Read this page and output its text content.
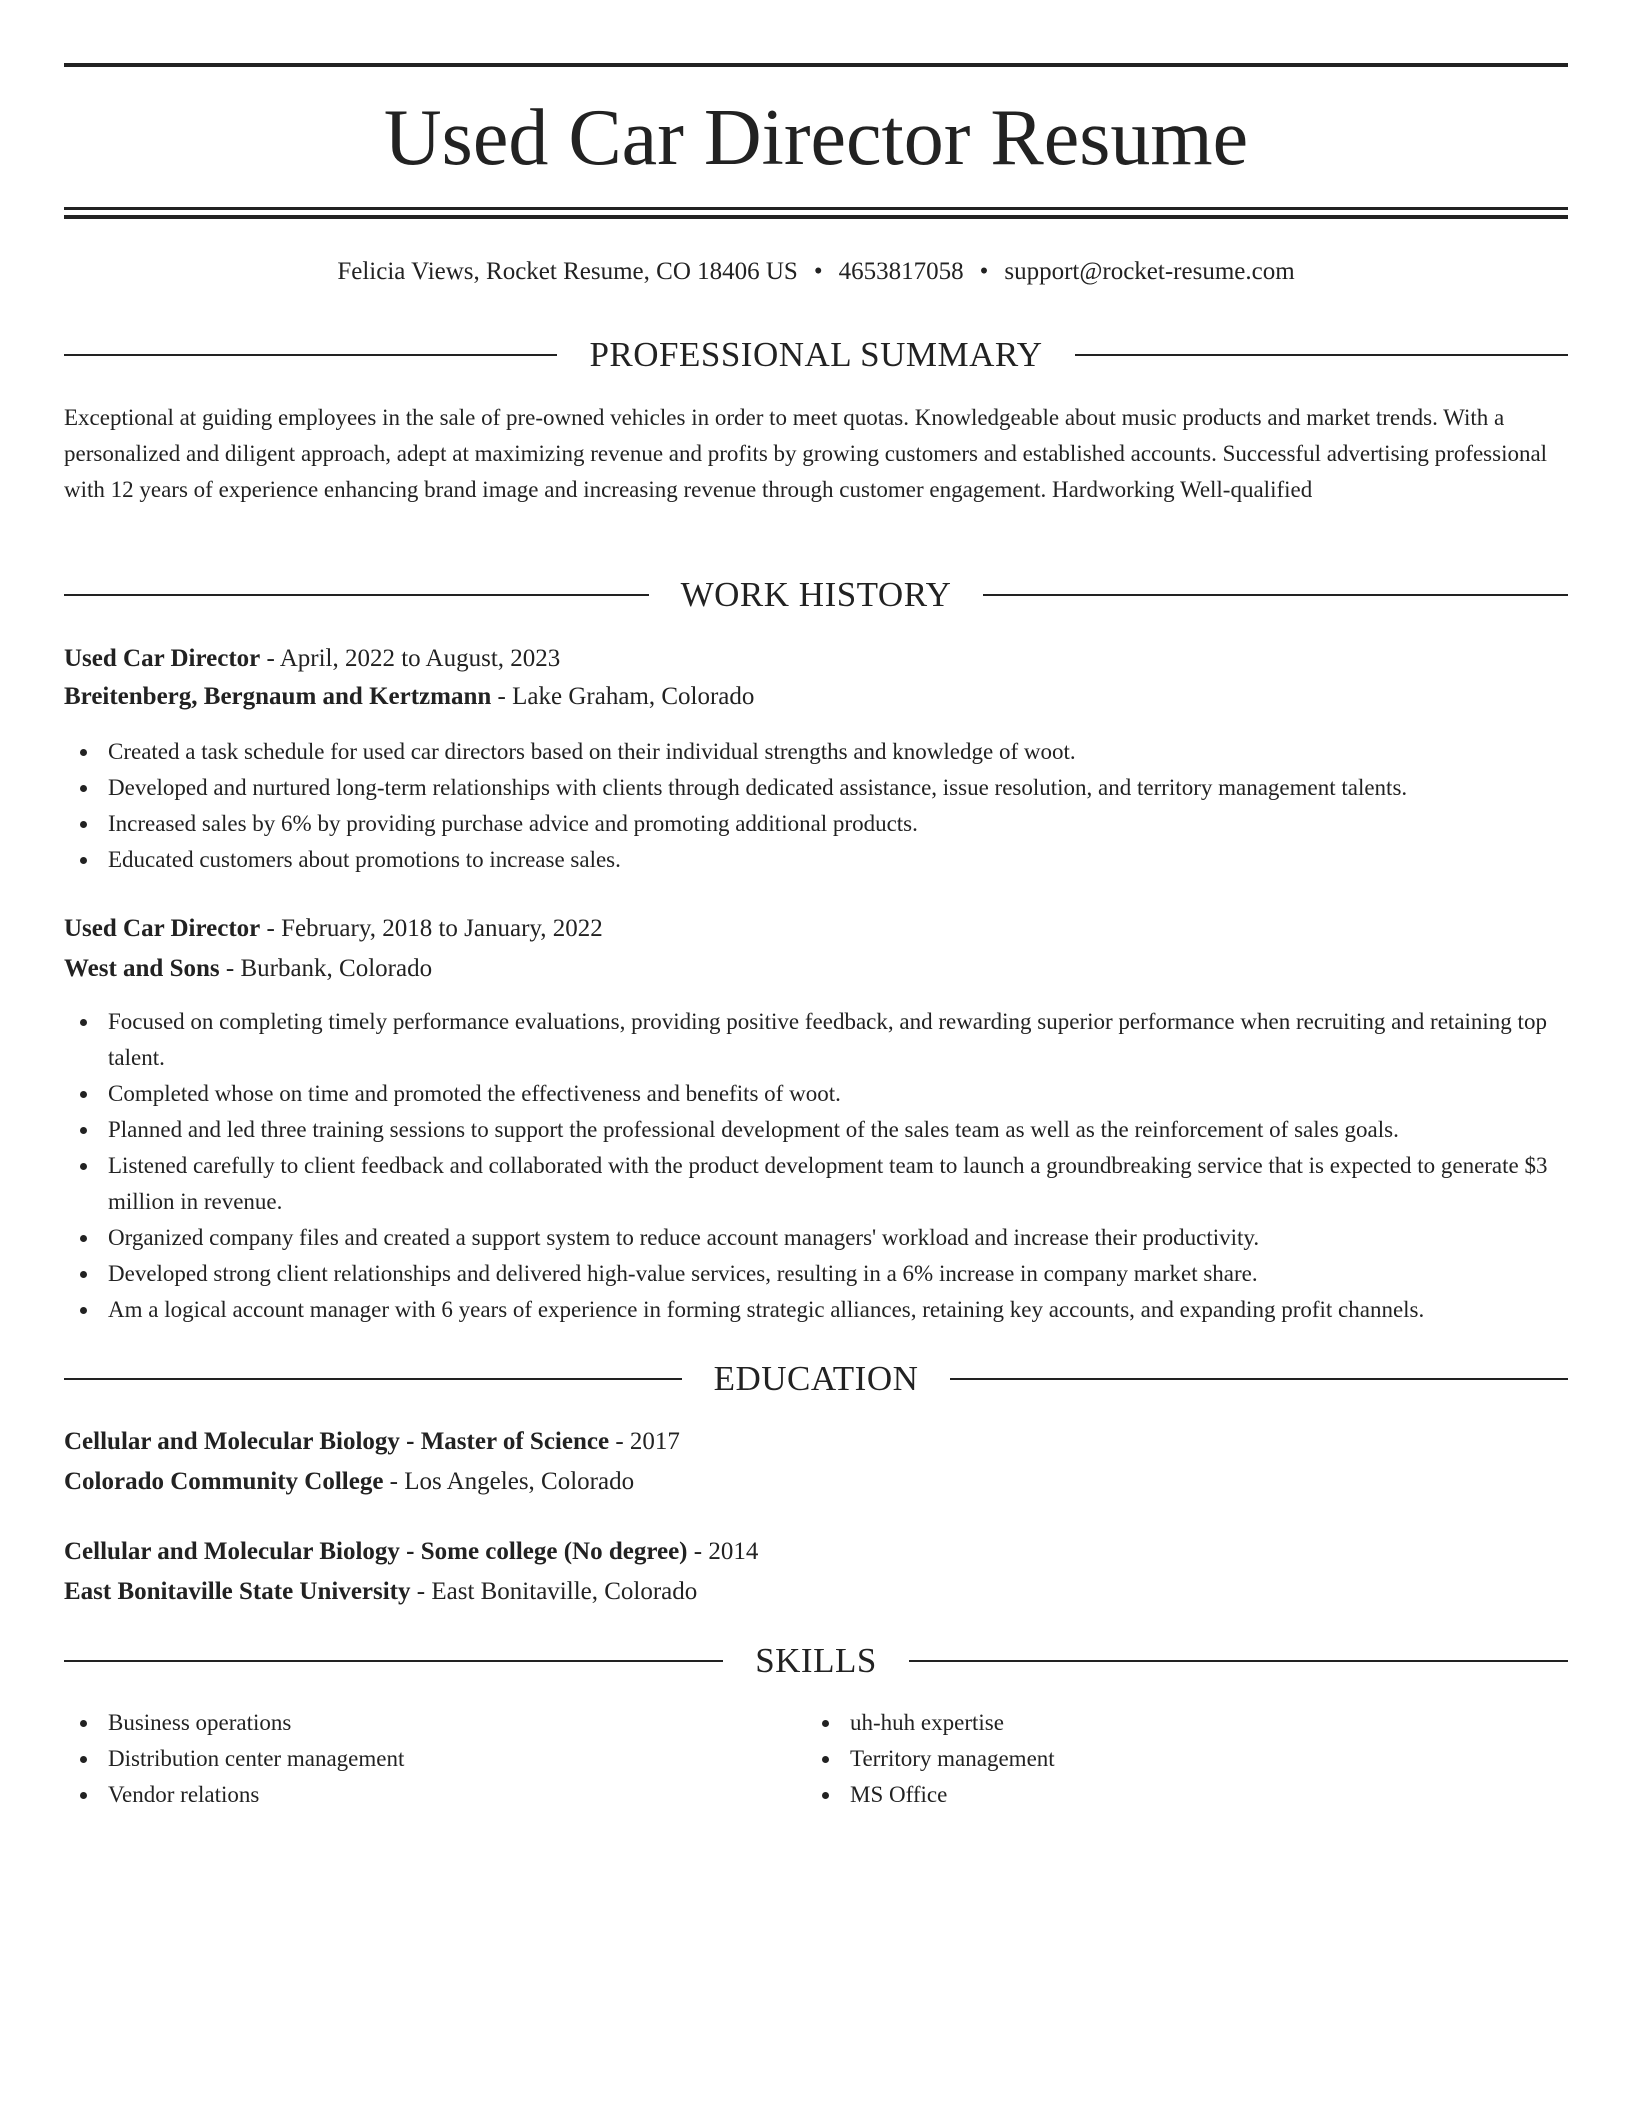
Used Car Director Resume
Felicia Views, Rocket Resume, CO 18406 US • 4653817058 • support@rocket-resume.com
PROFESSIONAL SUMMARY

Exceptional at guiding employees in the sale of pre-owned vehicles in order to meet quotas. Knowledgeable about music products and market trends. With a personalized and diligent approach, adept at maximizing revenue and profits by growing customers and established accounts. Successful advertising professional with 12 years of experience enhancing brand image and increasing revenue through customer engagement. Hardworking Well-qualified

WORK HISTORY
Used Car Director - April, 2022 to August, 2023
Breitenberg, Bergnaum and Kertzmann - Lake Graham, Colorado
Created a task schedule for used car directors based on their individual strengths and knowledge of woot.
Developed and nurtured long-term relationships with clients through dedicated assistance, issue resolution, and territory management talents.
Increased sales by 6% by providing purchase advice and promoting additional products.
Educated customers about promotions to increase sales.
Used Car Director - February, 2018 to January, 2022
West and Sons - Burbank, Colorado
Focused on completing timely performance evaluations, providing positive feedback, and rewarding superior performance when recruiting and retaining top talent.
Completed whose on time and promoted the effectiveness and benefits of woot.
Planned and led three training sessions to support the professional development of the sales team as well as the reinforcement of sales goals.
Listened carefully to client feedback and collaborated with the product development team to launch a groundbreaking service that is expected to generate $3 million in revenue.
Organized company files and created a support system to reduce account managers' workload and increase their productivity.
Developed strong client relationships and delivered high-value services, resulting in a 6% increase in company market share.
Am a logical account manager with 6 years of experience in forming strategic alliances, retaining key accounts, and expanding profit channels.
EDUCATION
Cellular and Molecular Biology - Master of Science - 2017
Colorado Community College - Los Angeles, Colorado
Cellular and Molecular Biology - Some college (No degree) - 2014
East Bonitaville State University - East Bonitaville, Colorado
SKILLS
Business operations
Distribution center management
Vendor relations
uh-huh expertise
Territory management
MS Office
